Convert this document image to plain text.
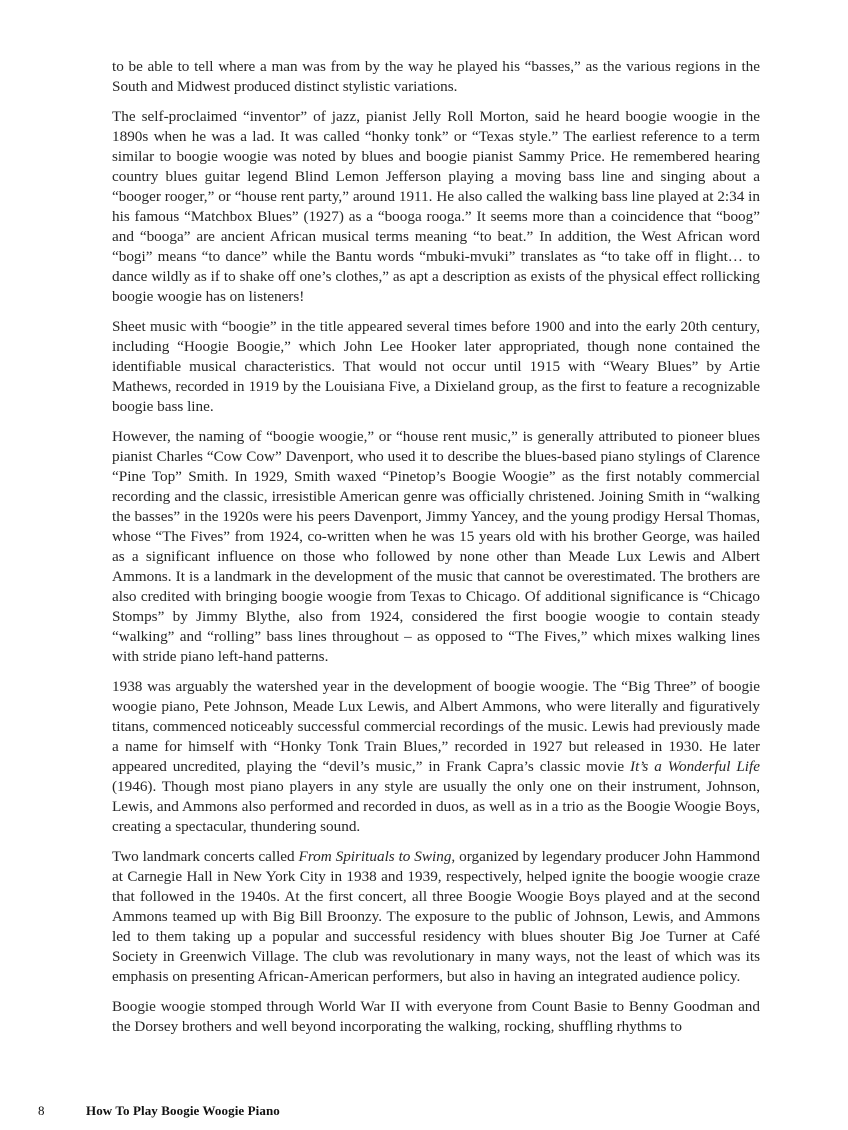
to be able to tell where a man was from by the way he played his “basses,” as the various regions in the South and Midwest produced distinct stylistic variations.

The self-proclaimed “inventor” of jazz, pianist Jelly Roll Morton, said he heard boogie woogie in the 1890s when he was a lad. It was called “honky tonk” or “Texas style.” The earliest reference to a term similar to boogie woogie was noted by blues and boogie pianist Sammy Price. He remembered hearing country blues guitar legend Blind Lemon Jefferson playing a moving bass line and singing about a “booger rooger,” or “house rent party,” around 1911. He also called the walking bass line played at 2:34 in his famous “Matchbox Blues” (1927) as a “booga rooga.” It seems more than a coincidence that “boog” and “booga” are ancient African musical terms meaning “to beat.” In addition, the West African word “bogi” means “to dance” while the Bantu words “mbuki-mvuki” translates as “to take off in flight… to dance wildly as if to shake off one’s clothes,” as apt a description as exists of the physical effect rollicking boogie woogie has on listeners!

Sheet music with “boogie” in the title appeared several times before 1900 and into the early 20th century, including “Hoogie Boogie,” which John Lee Hooker later appropriated, though none contained the identifiable musical characteristics. That would not occur until 1915 with “Weary Blues” by Artie Mathews, recorded in 1919 by the Louisiana Five, a Dixieland group, as the first to feature a recognizable boogie bass line.

However, the naming of “boogie woogie,” or “house rent music,” is generally attributed to pioneer blues pianist Charles “Cow Cow” Davenport, who used it to describe the blues-based piano stylings of Clarence “Pine Top” Smith. In 1929, Smith waxed “Pinetop’s Boogie Woogie” as the first notably commercial recording and the classic, irresistible American genre was officially christened. Joining Smith in “walking the basses” in the 1920s were his peers Davenport, Jimmy Yancey, and the young prodigy Hersal Thomas, whose “The Fives” from 1924, co-written when he was 15 years old with his brother George, was hailed as a significant influence on those who followed by none other than Meade Lux Lewis and Albert Ammons. It is a landmark in the development of the music that cannot be overestimated. The brothers are also credited with bringing boogie woogie from Texas to Chicago. Of additional significance is “Chicago Stomps” by Jimmy Blythe, also from 1924, considered the first boogie woogie to contain steady “walking” and “rolling” bass lines throughout – as opposed to “The Fives,” which mixes walking lines with stride piano left-hand patterns.

1938 was arguably the watershed year in the development of boogie woogie. The “Big Three” of boogie woogie piano, Pete Johnson, Meade Lux Lewis, and Albert Ammons, who were literally and figuratively titans, commenced noticeably successful commercial recordings of the music. Lewis had previously made a name for himself with “Honky Tonk Train Blues,” recorded in 1927 but released in 1930. He later appeared uncredited, playing the “devil’s music,” in Frank Capra’s classic movie It’s a Wonderful Life (1946). Though most piano players in any style are usually the only one on their instrument, Johnson, Lewis, and Ammons also performed and recorded in duos, as well as in a trio as the Boogie Woogie Boys, creating a spectacular, thundering sound.

Two landmark concerts called From Spirituals to Swing, organized by legendary producer John Hammond at Carnegie Hall in New York City in 1938 and 1939, respectively, helped ignite the boogie woogie craze that followed in the 1940s. At the first concert, all three Boogie Woogie Boys played and at the second Ammons teamed up with Big Bill Broonzy. The exposure to the public of Johnson, Lewis, and Ammons led to them taking up a popular and successful residency with blues shouter Big Joe Turner at Café Society in Greenwich Village. The club was revolutionary in many ways, not the least of which was its emphasis on presenting African-American performers, but also in having an integrated audience policy.

Boogie woogie stomped through World War II with everyone from Count Basie to Benny Goodman and the Dorsey brothers and well beyond incorporating the walking, rocking, shuffling rhythms to

8	How To Play Boogie Woogie Piano
